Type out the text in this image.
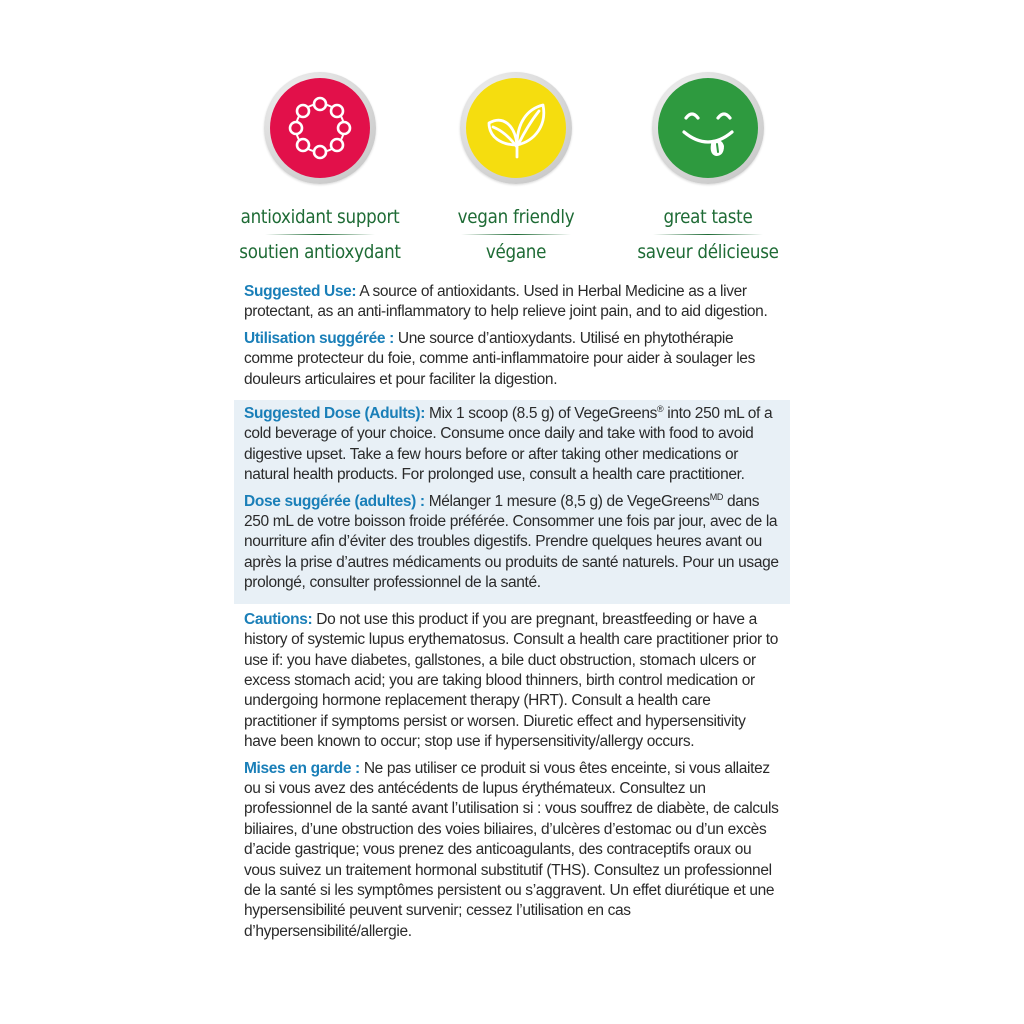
antioxidant support
soutien antioxydant
vegan friendly
végane
great taste
saveur délicieuse

Suggested Use: A source of antioxidants. Used in Herbal Medicine as a liver protectant, as an anti-inflammatory to help relieve joint pain, and to aid digestion.

Utilisation suggérée : Une source d’antioxydants. Utilisé en phytothérapie comme protecteur du foie, comme anti-inflammatoire pour aider à soulager les douleurs articulaires et pour faciliter la digestion.

Suggested Dose (Adults): Mix 1 scoop (8.5 g) of VegeGreens® into 250 mL of a cold beverage of your choice. Consume once daily and take with food to avoid digestive upset. Take a few hours before or after taking other medications or natural health products. For prolonged use, consult a health care practitioner.

Dose suggérée (adultes) : Mélanger 1 mesure (8,5 g) de VegeGreens$^{MD}$ dans 250 mL de votre boisson froide préférée. Consommer une fois par jour, avec de la nourriture afin d’éviter des troubles digestifs. Prendre quelques heures avant ou après la prise d’autres médicaments ou produits de santé naturels. Pour un usage prolongé, consulter professionnel de la santé.

Cautions: Do not use this product if you are pregnant, breastfeeding or have a history of systemic lupus erythematosus. Consult a health care practitioner prior to use if: you have diabetes, gallstones, a bile duct obstruction, stomach ulcers or excess stomach acid; you are taking blood thinners, birth control medication or undergoing hormone replacement therapy (HRT). Consult a health care practitioner if symptoms persist or worsen. Diuretic effect and hypersensitivity have been known to occur; stop use if hypersensitivity/allergy occurs.

Mises en garde : Ne pas utiliser ce produit si vous êtes enceinte, si vous allaitez ou si vous avez des antécédents de lupus érythémateux. Consultez un professionnel de la santé avant l’utilisation si : vous souffrez de diabète, de calculs biliaires, d’une obstruction des voies biliaires, d’ulcères d’estomac ou d’un excès d’acide gastrique; vous prenez des anticoagulants, des contraceptifs oraux ou vous suivez un traitement hormonal substitutif (THS). Consultez un professionnel de la santé si les symptômes persistent ou s’aggravent. Un effet diurétique et une hypersensibilité peuvent survenir; cessez l’utilisation en cas d’hypersensibilité/allergie.
